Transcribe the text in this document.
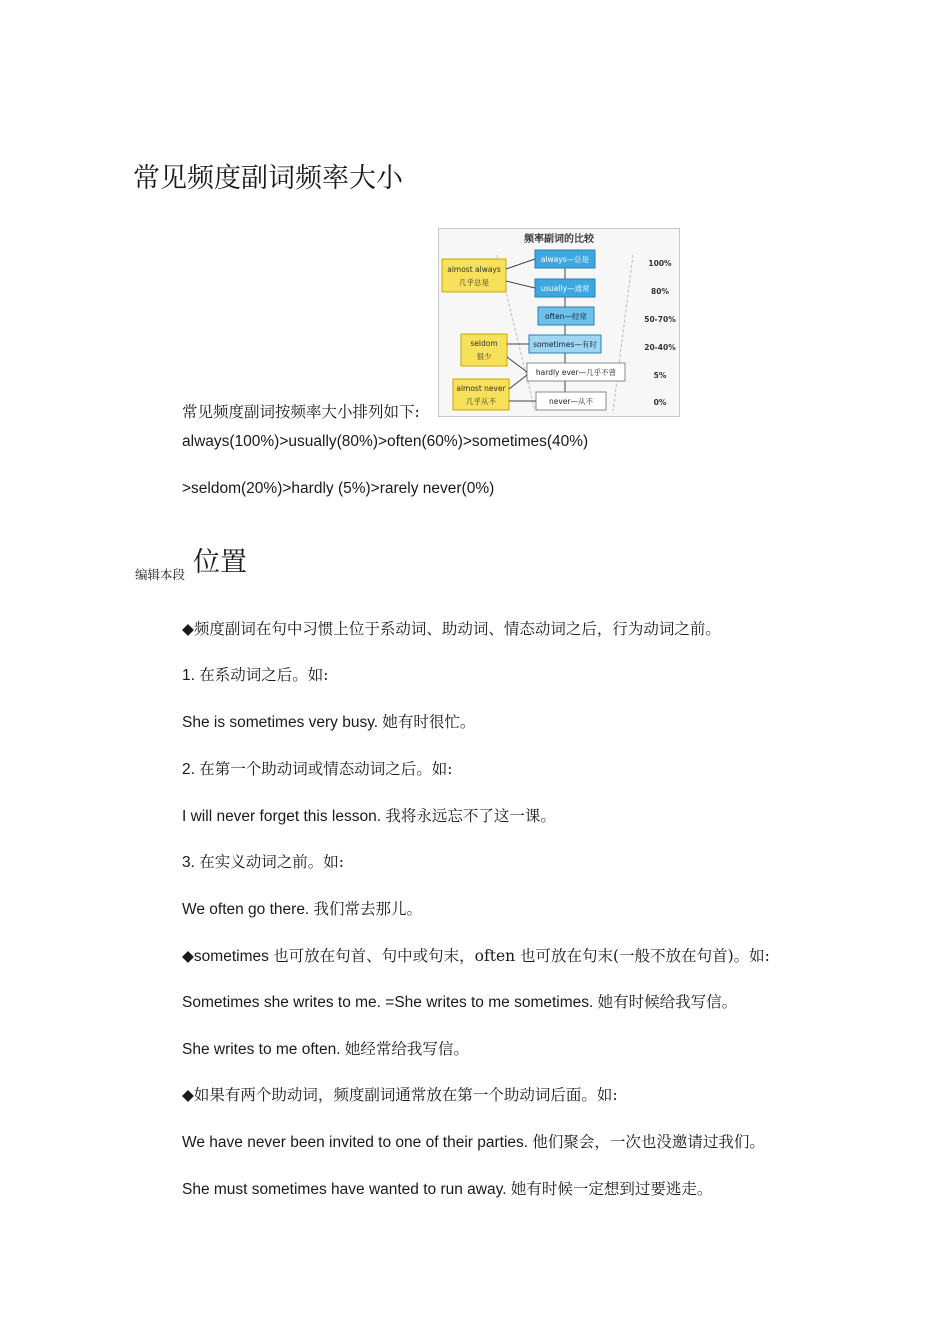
常见频度副词频率大小
频率副词的比较
always—总是
usually—通常
often—经常
sometimes—有时
hardly ever—几乎不曾
never—从不
almost always
几乎总是
seldom
很少
almost never
几乎从不
100%
80%
50-70%
20-40%
5%
0%
常见频度副词按频率大小排列如下:
always(100%)>usually(80%)>often(60%)>sometimes(40%)
>seldom(20%)>hardly (5%)>rarely never(0%)
编辑本段 位置
◆频度副词在句中习惯上位于系动词、助动词、情态动词之后，行为动词之前。
1. 在系动词之后。如:
She is sometimes very busy. 她有时很忙。
2. 在第一个助动词或情态动词之后。如:
I will never forget this lesson. 我将永远忘不了这一课。
3. 在实义动词之前。如:
We often go there. 我们常去那儿。
◆sometimes 也可放在句首、句中或句末，often 也可放在句末(一般不放在句首)。如:
Sometimes she writes to me. =She writes to me sometimes. 她有时候给我写信。
She writes to me often. 她经常给我写信。
◆如果有两个助动词，频度副词通常放在第一个助动词后面。如:
We have never been invited to one of their parties. 他们聚会，一次也没邀请过我们。
She must sometimes have wanted to run away. 她有时候一定想到过要逃走。
